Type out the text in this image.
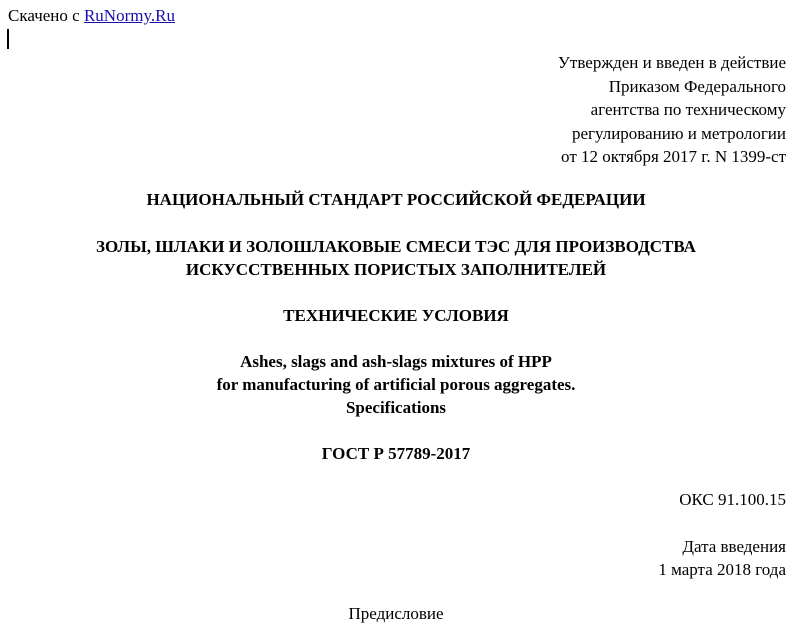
Скачено с RuNormy.Ru
Утвержден и введен в действие
Приказом Федерального
агентства по техническому
регулированию и метрологии
от 12 октября 2017 г. N 1399-ст
НАЦИОНАЛЬНЫЙ СТАНДАРТ РОССИЙСКОЙ ФЕДЕРАЦИИ
ЗОЛЫ, ШЛАКИ И ЗОЛОШЛАКОВЫЕ СМЕСИ ТЭС ДЛЯ ПРОИЗВОДСТВА
ИСКУССТВЕННЫХ ПОРИСТЫХ ЗАПОЛНИТЕЛЕЙ
ТЕХНИЧЕСКИЕ УСЛОВИЯ
Ashes, slags and ash-slags mixtures of HPP
for manufacturing of artificial porous aggregates.
Specifications
ГОСТ Р 57789-2017
ОКС 91.100.15
Дата введения
1 марта 2018 года
Предисловие
